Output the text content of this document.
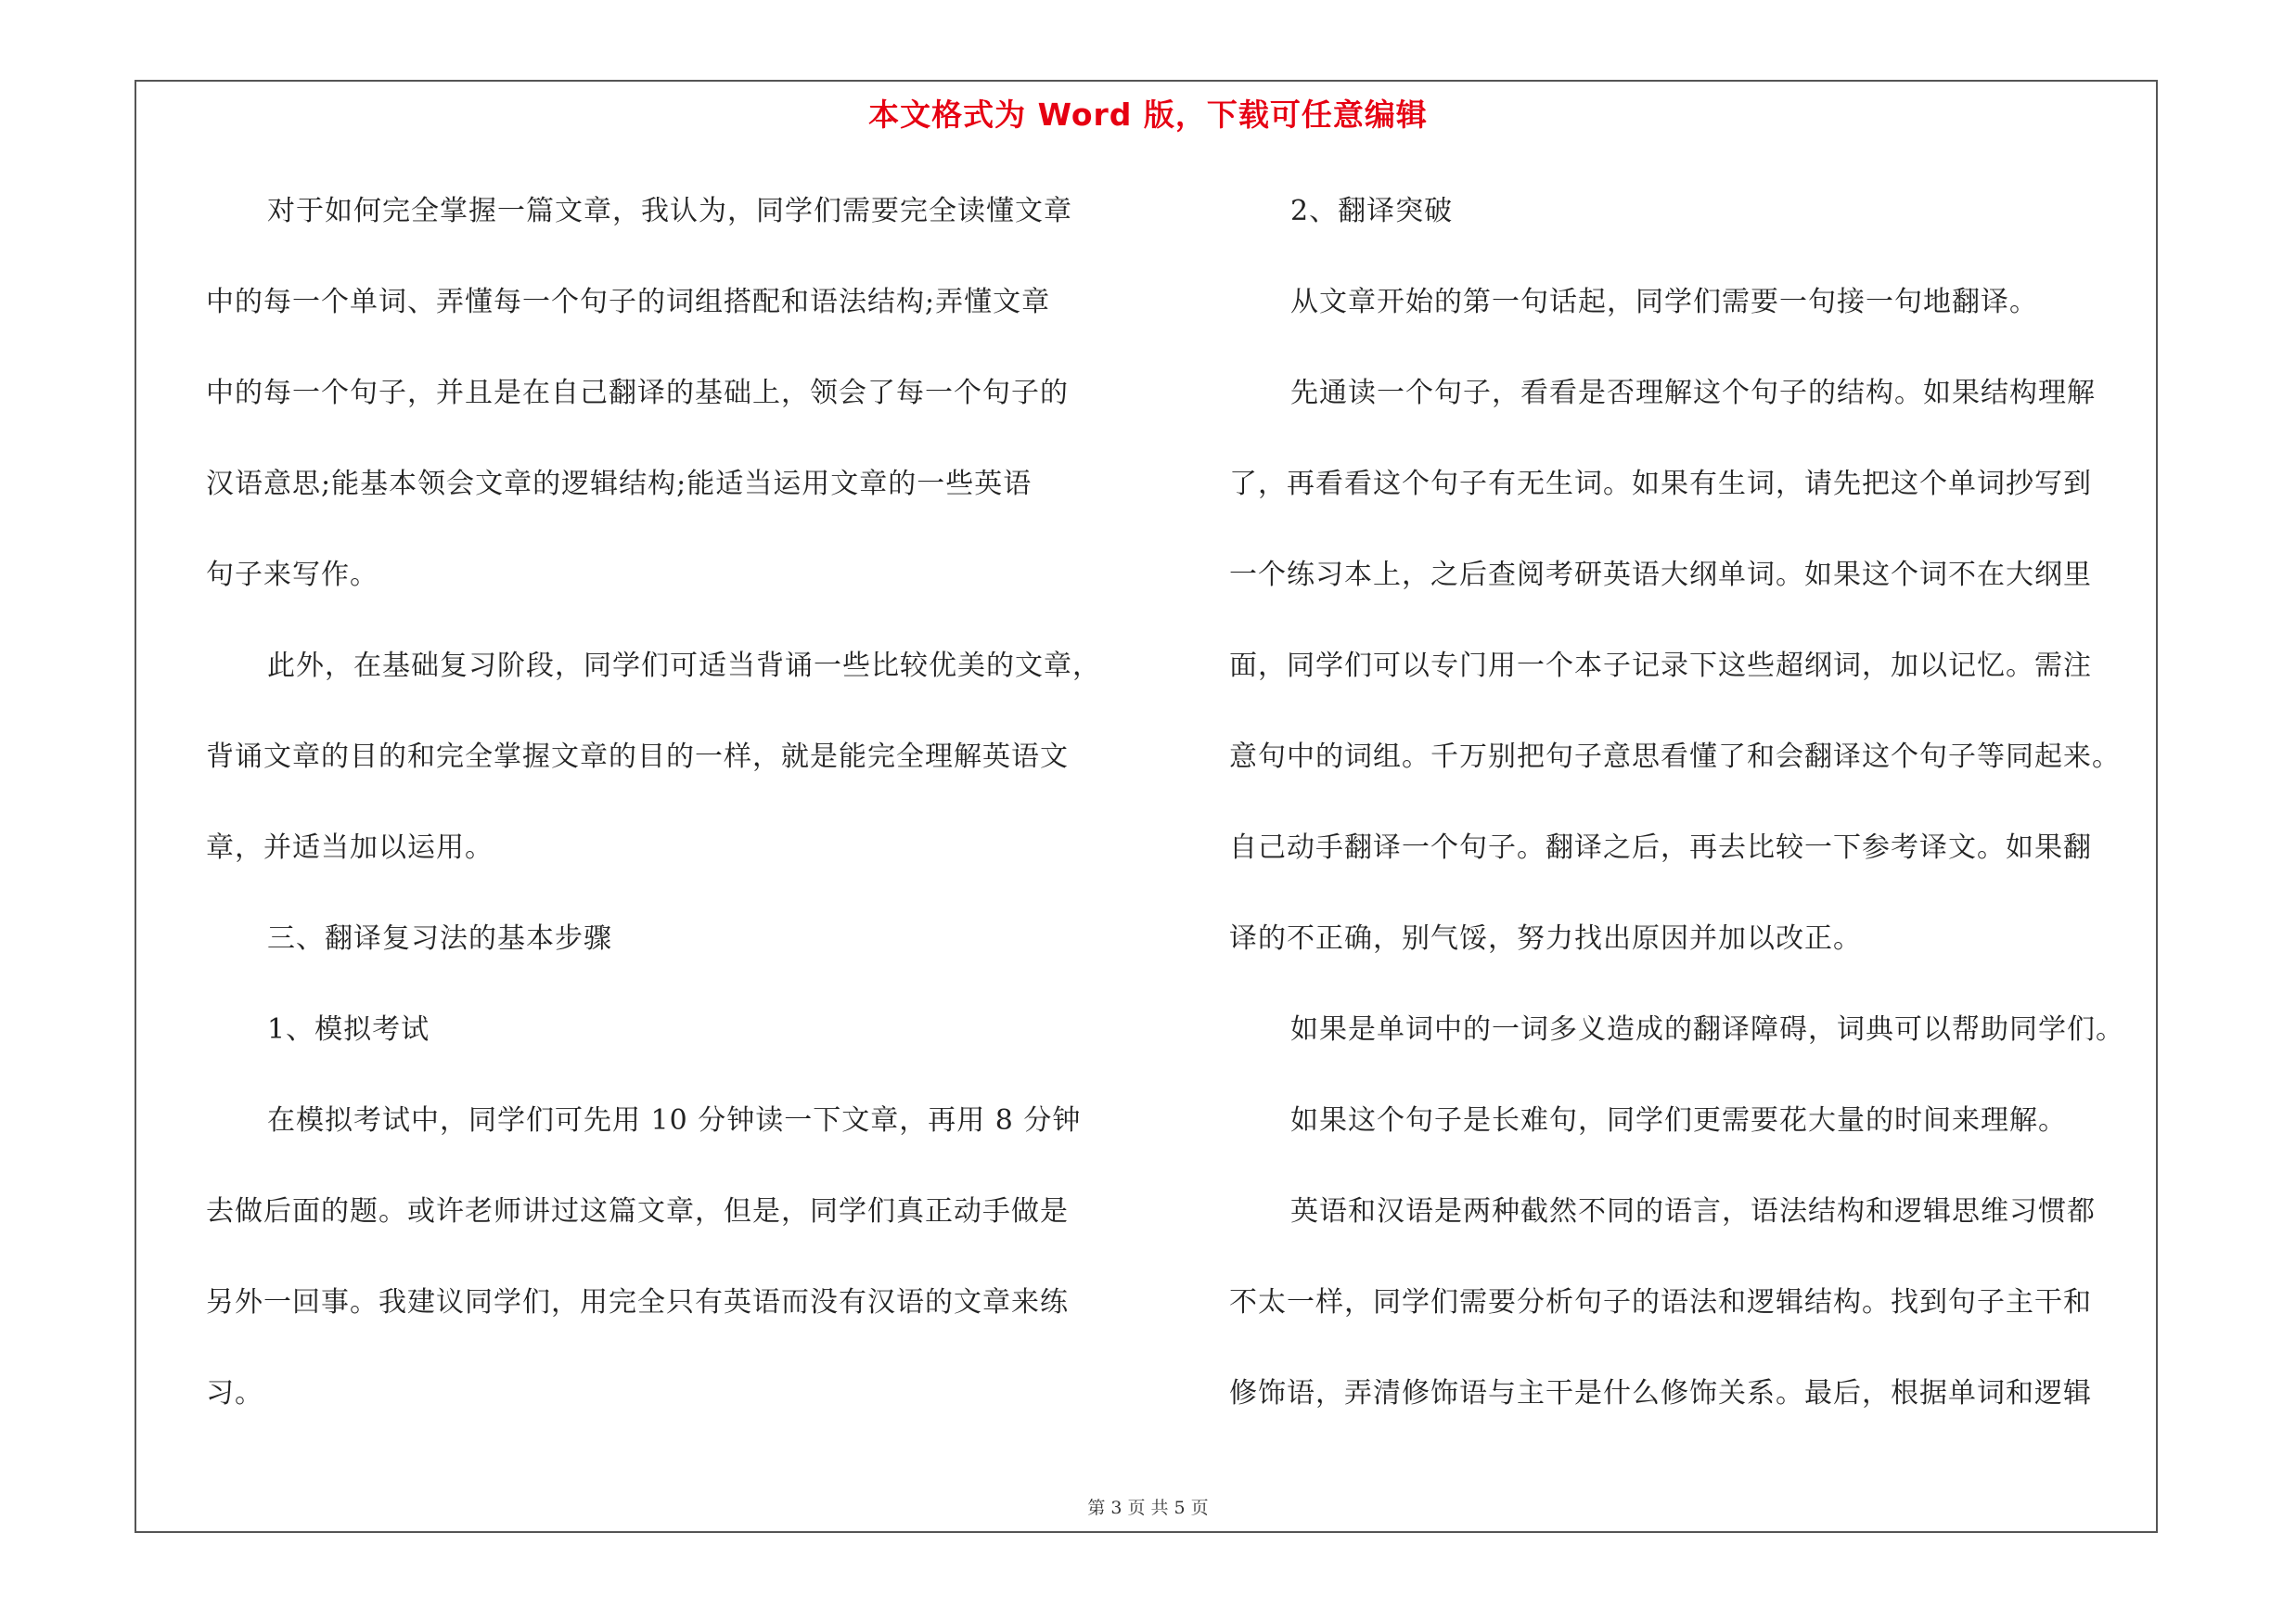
本文格式为 Word 版，下载可任意编辑
对于如何完全掌握一篇文章，我认为，同学们需要完全读懂文章
中的每一个单词、弄懂每一个句子的词组搭配和语法结构;弄懂文章
中的每一个句子，并且是在自己翻译的基础上，领会了每一个句子的
汉语意思;能基本领会文章的逻辑结构;能适当运用文章的一些英语
句子来写作。
此外，在基础复习阶段，同学们可适当背诵一些比较优美的文章，
背诵文章的目的和完全掌握文章的目的一样，就是能完全理解英语文
章，并适当加以运用。
三、翻译复习法的基本步骤
1、模拟考试
在模拟考试中，同学们可先用 10 分钟读一下文章，再用 8 分钟
去做后面的题。或许老师讲过这篇文章，但是，同学们真正动手做是
另外一回事。我建议同学们，用完全只有英语而没有汉语的文章来练
习。
2、翻译突破
从文章开始的第一句话起，同学们需要一句接一句地翻译。
先通读一个句子，看看是否理解这个句子的结构。如果结构理解
了，再看看这个句子有无生词。如果有生词，请先把这个单词抄写到
一个练习本上，之后查阅考研英语大纲单词。如果这个词不在大纲里
面，同学们可以专门用一个本子记录下这些超纲词，加以记忆。需注
意句中的词组。千万别把句子意思看懂了和会翻译这个句子等同起来。
自己动手翻译一个句子。翻译之后，再去比较一下参考译文。如果翻
译的不正确，别气馁，努力找出原因并加以改正。
如果是单词中的一词多义造成的翻译障碍，词典可以帮助同学们。
如果这个句子是长难句，同学们更需要花大量的时间来理解。
英语和汉语是两种截然不同的语言，语法结构和逻辑思维习惯都
不太一样，同学们需要分析句子的语法和逻辑结构。找到句子主干和
修饰语，弄清修饰语与主干是什么修饰关系。最后，根据单词和逻辑
第 3 页 共 5 页
